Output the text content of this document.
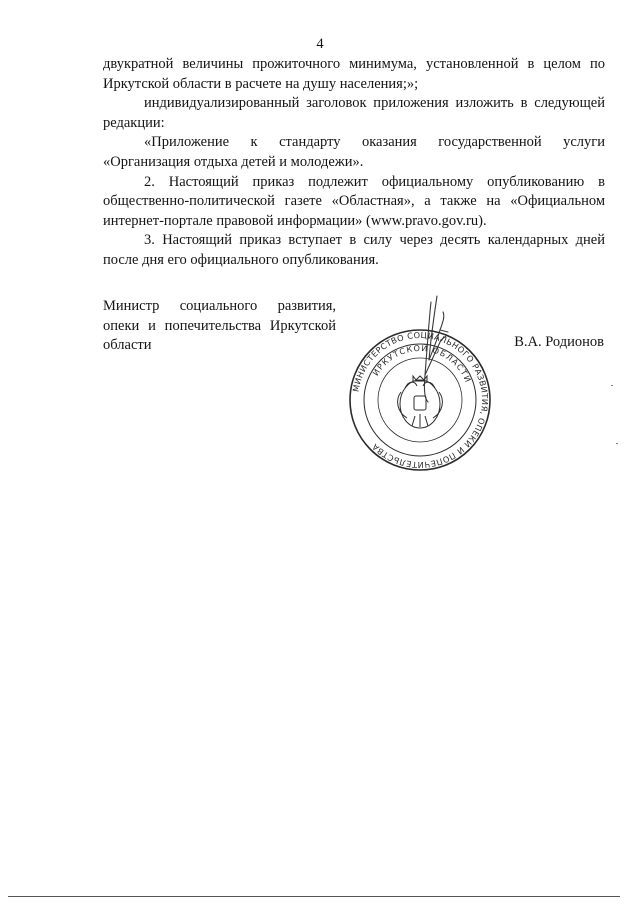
4

двукратной величины прожиточного минимума, установленной в целом по Иркутской области в расчете на душу населения;»;

индивидуализированный заголовок приложения изложить в следующей редакции:

«Приложение к стандарту оказания государственной услуги «Организация отдыха детей и молодежи».

2. Настоящий приказ подлежит официальному опубликованию в общественно-политической газете «Областная», а также на «Официальном интернет-портале правовой информации» (www.pravo.gov.ru).

3. Настоящий приказ вступает в силу через десять календарных дней после дня его официального опубликования.

Министр социального развития, опеки и попечительства Иркутской области
МИНИСТЕРСТВО СОЦИАЛЬНОГО РАЗВИТИЯ, ОПЕКИ И ПОПЕЧИТЕЛЬСТВА
ИРКУТСКОЙ ОБЛАСТИ
В.А. Родионов
